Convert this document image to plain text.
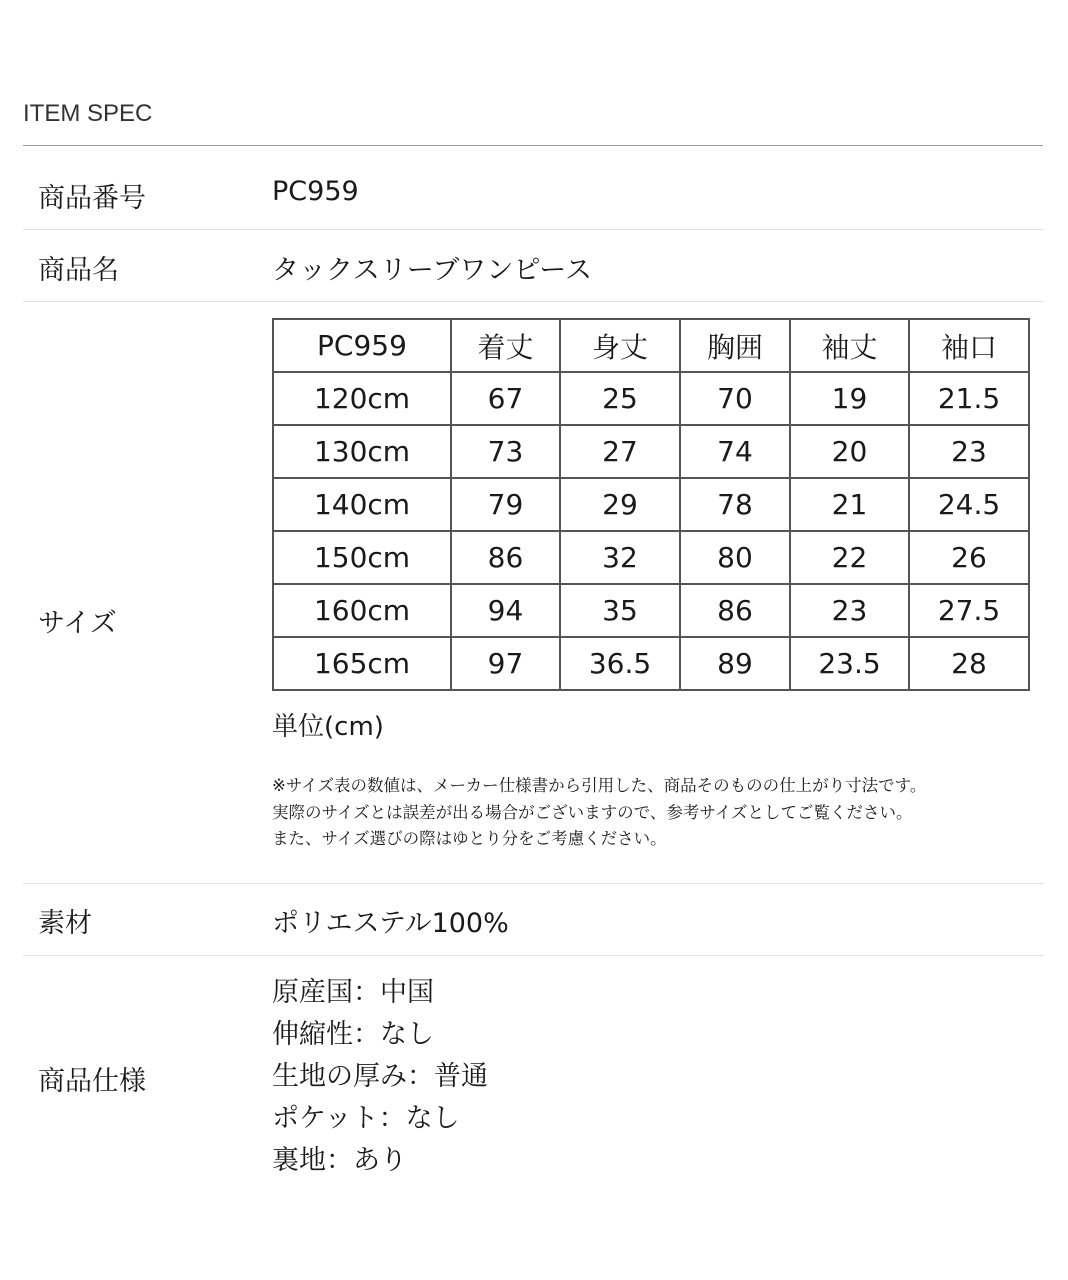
ITEM SPEC
商品番号	PC959
商品名	タックスリーブワンピース
サイズ
PC959	着丈	身丈	胸囲	袖丈	袖口
120cm	67	25	70	19	21.5
130cm	73	27	74	20	23
140cm	79	29	78	21	24.5
150cm	86	32	80	22	26
160cm	94	35	86	23	27.5
165cm	97	36.5	89	23.5	28
単位(cm)
※サイズ表の数値は、メーカー仕様書から引用した、商品そのものの仕上がり寸法です。
実際のサイズとは誤差が出る場合がございますので、参考サイズとしてご覧ください。
また、サイズ選びの際はゆとり分をご考慮ください。
素材	ポリエステル100%
商品仕様
原産国：中国
伸縮性：なし
生地の厚み：普通
ポケット：なし
裏地：あり
